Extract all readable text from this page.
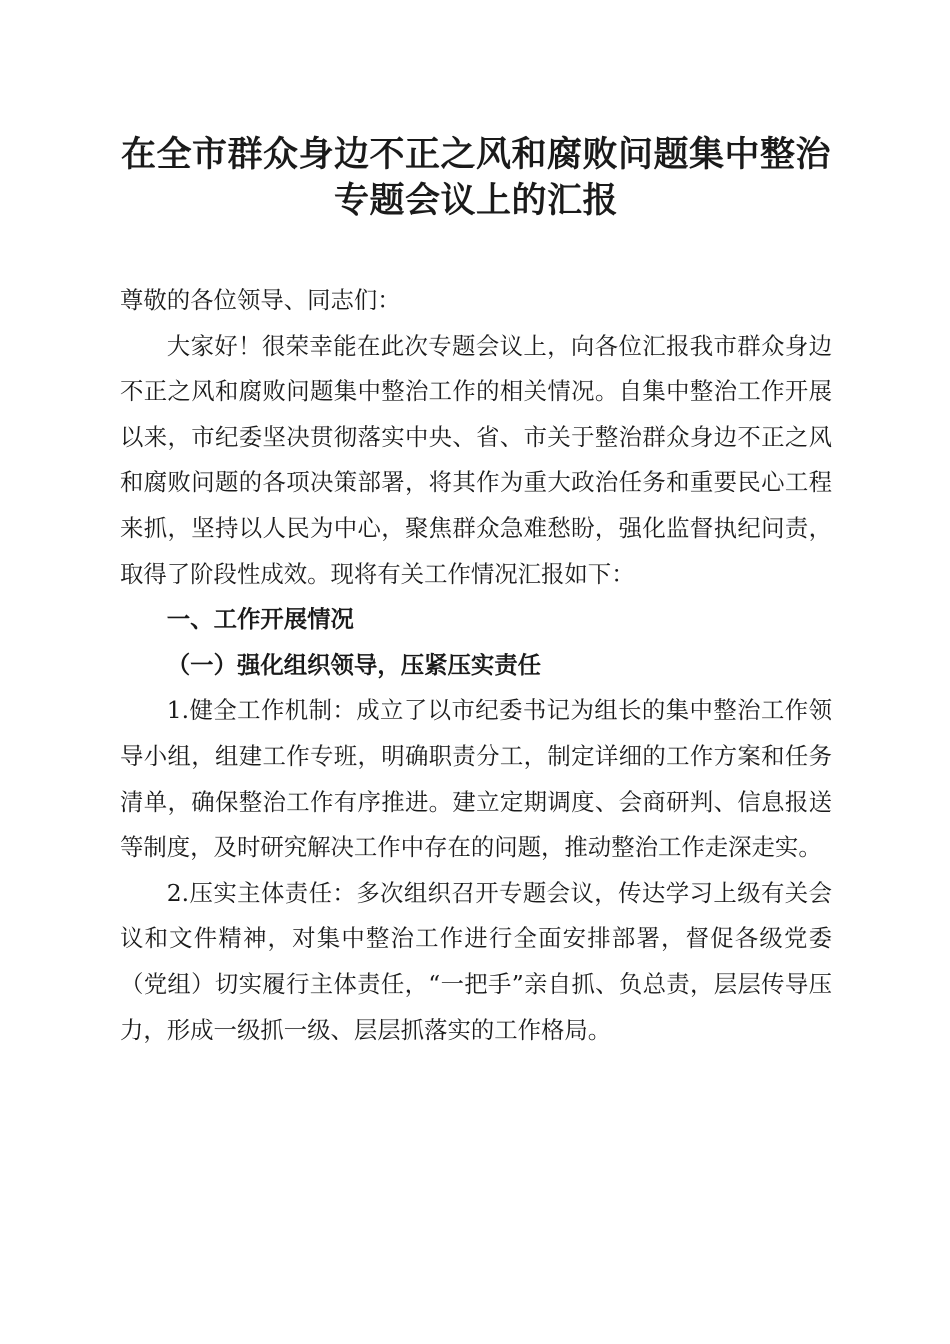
在全市群众身边不正之风和腐败问题集中整治
专题会议上的汇报

尊敬的各位领导、同志们：

大家好！很荣幸能在此次专题会议上，向各位汇报我市群众身边不正之风和腐败问题集中整治工作的相关情况。自集中整治工作开展以来，市纪委坚决贯彻落实中央、省、市关于整治群众身边不正之风和腐败问题的各项决策部署，将其作为重大政治任务和重要民心工程来抓，坚持以人民为中心，聚焦群众急难愁盼，强化监督执纪问责，取得了阶段性成效。现将有关工作情况汇报如下：

一、工作开展情况

（一）强化组织领导，压紧压实责任

1.健全工作机制：成立了以市纪委书记为组长的集中整治工作领导小组，组建工作专班，明确职责分工，制定详细的工作方案和任务清单，确保整治工作有序推进。建立定期调度、会商研判、信息报送等制度，及时研究解决工作中存在的问题，推动整治工作走深走实。

2.压实主体责任：多次组织召开专题会议，传达学习上级有关会议和文件精神，对集中整治工作进行全面安排部署，督促各级党委（党组）切实履行主体责任，“一把手”亲自抓、负总责，层层传导压力，形成一级抓一级、层层抓落实的工作格局。
